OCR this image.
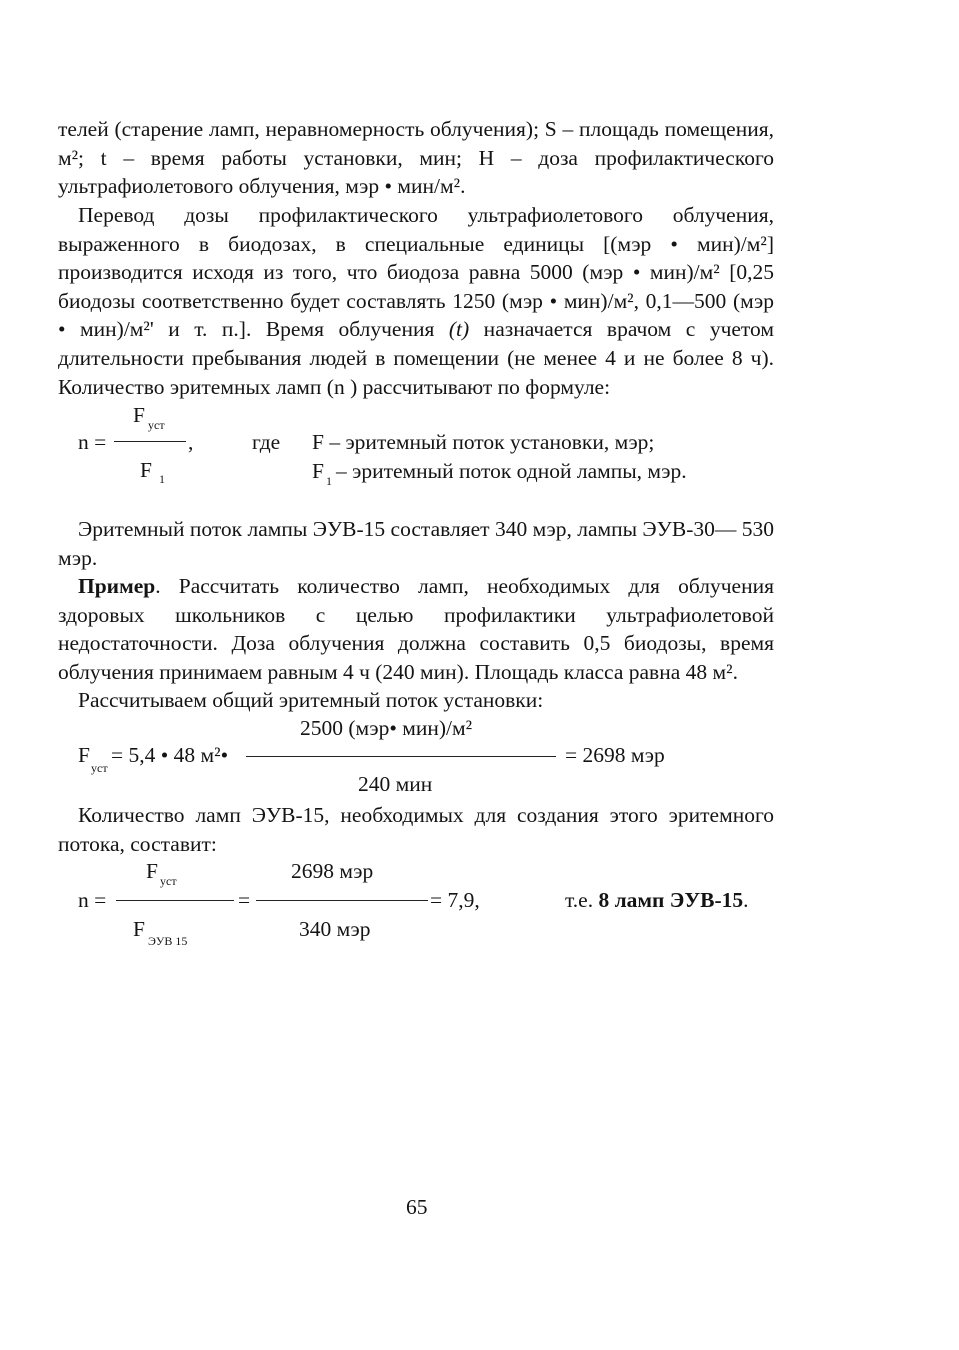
телей (старение ламп, неравномерность облучения); S – площадь помещения, м²; t – время работы установки, мин; Н – доза профилактического ультрафиолетового облучения, мэр • мин/м².

Перевод дозы профилактического ультрафиолетового облучения, выраженного в биодозах, в специальные единицы [(мэр • мин)/м²] производится исходя из того, что биодоза равна 5000 (мэр • мин)/м² [0,25 биодозы соответственно будет составлять 1250 (мэр • мин)/м², 0,1—500 (мэр • мин)/м²' и т. п.]. Время облучения (t) назначается врачом с учетом длительности пребывания людей в помещении (не менее 4 и не более 8 ч). Количество эритемных ламп (n ) рассчитывают по формуле:

F уст
n =	,
F 1
где F – эритемный поток установки, мэр;
F 1 – эритемный поток одной лампы, мэр.

Эритемный поток лампы ЭУВ-15 составляет 340 мэр, лампы ЭУВ-30— 530 мэр.

Пример. Рассчитать количество ламп, необходимых для облучения здоровых школьников с целью профилактики ультрафиолетовой недостаточности. Доза облучения должна составить 0,5 биодозы, время облучения принимаем равным 4 ч (240 мин). Площадь класса равна 48 м².

Рассчитываем общий эритемный поток установки:

2500 (мэр• мин)/м²
F
уст
= 5,4 • 48 м²•	= 2698 мэр
240 мин

Количество ламп ЭУВ-15, необходимых для создания этого эритемного потока, составит:

F уст	2698 мэр
n =	=	= 7,9,	т.е. 8 ламп ЭУВ-15.
F ЭУВ 15	340 мэр
65
